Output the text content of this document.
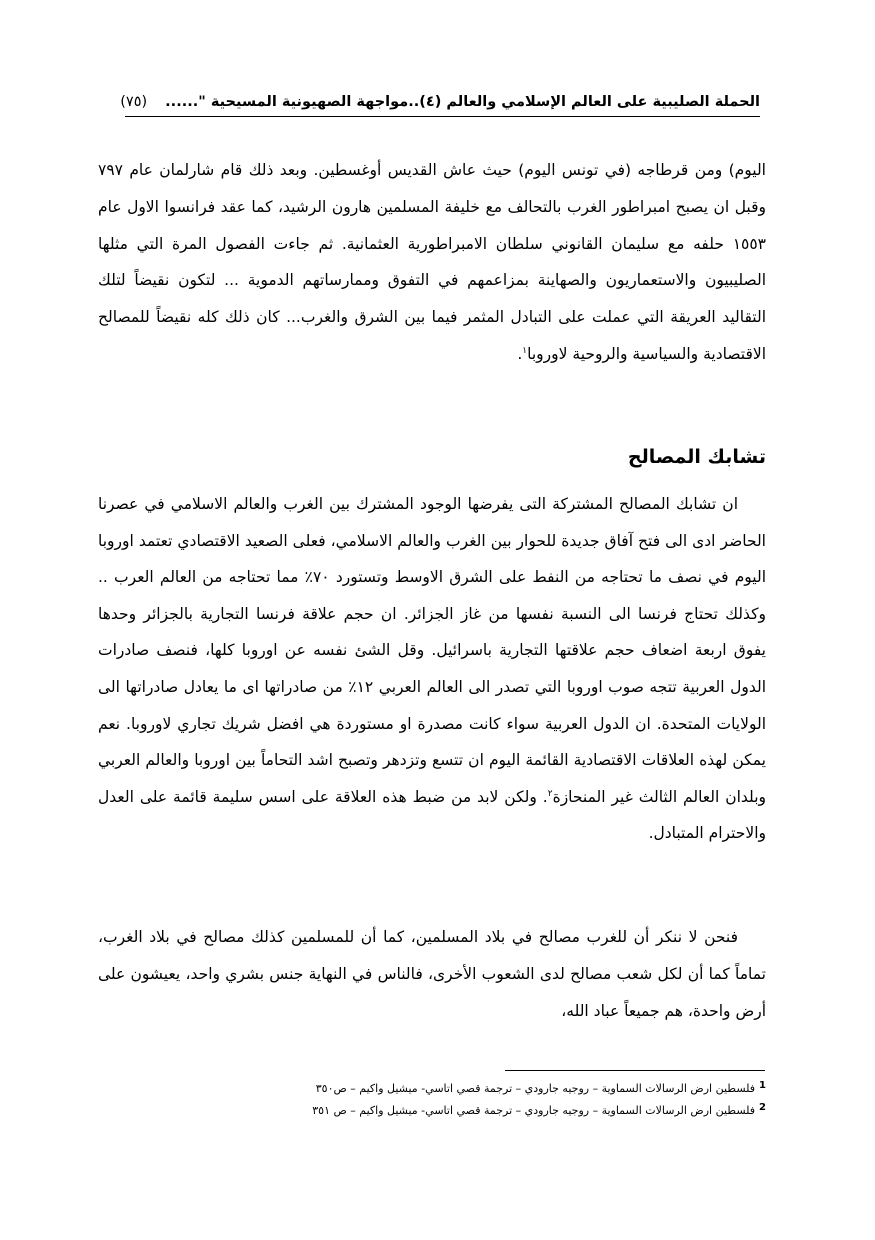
الحملة الصليبية على العالم الإسلامي والعالم (٤)..مواجهة الصهيونية المسيحية "......
(٧٥)

اليوم) ومن قرطاجه (في تونس اليوم) حيث عاش القديس أوغسطين. وبعد ذلك قام شارلمان عام ٧٩٧ وقبل ان يصبح امبراطور الغرب بالتحالف مع خليفة المسلمين هارون الرشيد، كما عقد فرانسوا الاول عام ١٥٥٣ حلفه مع سليمان القانوني سلطان الامبراطورية العثمانية. ثم جاءت الفصول المرة التي مثلها الصليبيون والاستعماريون والصهاينة بمزاعمهم في التفوق وممارساتهم الدموية ... لتكون نقيضاً لتلك التقاليد العريقة التي عملت على التبادل المثمر فيما بين الشرق والغرب... كان ذلك كله نقيضاً للمصالح الاقتصادية والسياسية والروحية لاوروبا$^١$.

تشابك المصالح

ان تشابك المصالح المشتركة التى يفرضها الوجود المشترك بين الغرب والعالم الاسلامي في عصرنا الحاضر ادى الى فتح آفاق جديدة للحوار بين الغرب والعالم الاسلامي، فعلى الصعيد الاقتصادي تعتمد اوروبا اليوم في نصف ما تحتاجه من النفط على الشرق الاوسط وتستورد ٧٠٪ مما تحتاجه من العالم العرب .. وكذلك تحتاج فرنسا الى النسبة نفسها من غاز الجزائر. ان حجم علاقة فرنسا التجارية بالجزائر وحدها يفوق اربعة اضعاف حجم علاقتها التجارية باسرائيل. وقل الشئ نفسه عن اوروبا كلها، فنصف صادرات الدول العربية تتجه صوب اوروبا التي تصدر الى العالم العربي ١٢٪ من صادراتها اى ما يعادل صادراتها الى الولايات المتحدة. ان الدول العربية سواء كانت مصدرة او مستوردة هي افضل شريك تجاري لاوروبا. نعم يمكن لهذه العلاقات الاقتصادية القائمة اليوم ان تتسع وتزدهر وتصبح اشد التحاماً بين اوروبا والعالم العربي وبلدان العالم الثالث غير المنحازة$^٢$. ولكن لابد من ضبط هذه العلاقة على اسس سليمة قائمة على العدل والاحترام المتبادل.

فنحن لا ننكر أن للغرب مصالح في بلاد المسلمين، كما أن للمسلمين كذلك مصالح في بلاد الغرب، تماماً كما أن لكل شعب مصالح لدى الشعوب الأخرى، فالناس في النهاية جنس بشري واحد، يعيشون على أرض واحدة، هم جميعاً عباد الله،

1
فلسطين ارض الرسالات السماوية – روجيه جارودي – ترجمة قصي اتاسي- ميشيل واكيم – ص٣٥٠
2
فلسطين ارض الرسالات السماوية – روجيه جارودي – ترجمة قصي اتاسي- ميشيل واكيم – ص ٣٥١
